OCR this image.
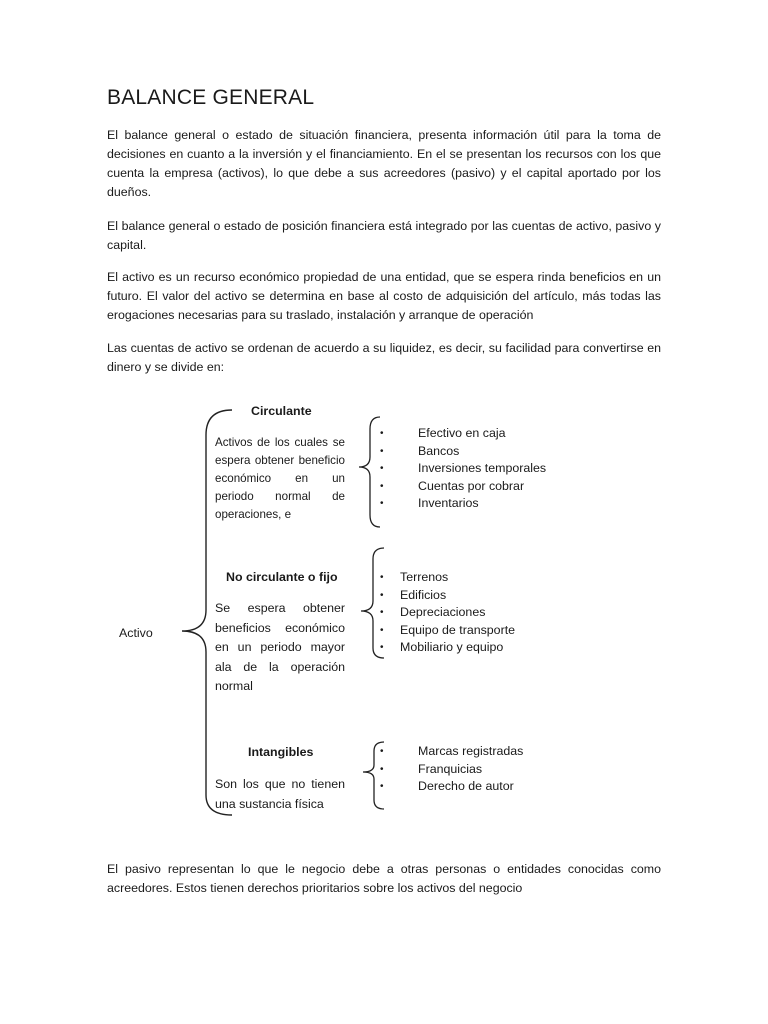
BALANCE GENERAL

El balance general o estado de situación financiera, presenta información útil para la toma de decisiones en cuanto a la inversión y el financiamiento. En el se presentan los recursos con los que cuenta la empresa (activos), lo que debe a sus acreedores (pasivo) y el capital aportado por los dueños.

El balance general o estado de posición financiera está integrado por las cuentas de activo, pasivo y capital.

El activo es un recurso económico propiedad de una entidad, que se espera rinda beneficios en un futuro. El valor del activo se determina en base al costo de adquisición del artículo, más todas las erogaciones necesarias para su traslado, instalación y arranque de operación

Las cuentas de activo se ordenan de acuerdo a su liquidez, es decir, su facilidad para convertirse en dinero y se divide en:

Activo
Circulante
Activos de los cuales se espera obtener beneficio económico en un periodo normal de operaciones, e
•	Efectivo en caja
•	Bancos
•	Inversiones temporales
•	Cuentas por cobrar
•	Inventarios
No circulante o fijo
Se espera obtener beneficios económico en un periodo mayor ala de la operación normal
• Terrenos
• Edificios
• Depreciaciones
• Equipo de transporte
• Mobiliario y equipo
Intangibles
Son los que no tienen una sustancia física
•	Marcas registradas
•	Franquicias
•	Derecho de autor

El pasivo representan lo que le negocio debe a otras personas o entidades conocidas como acreedores. Estos tienen derechos prioritarios sobre los activos del negocio
